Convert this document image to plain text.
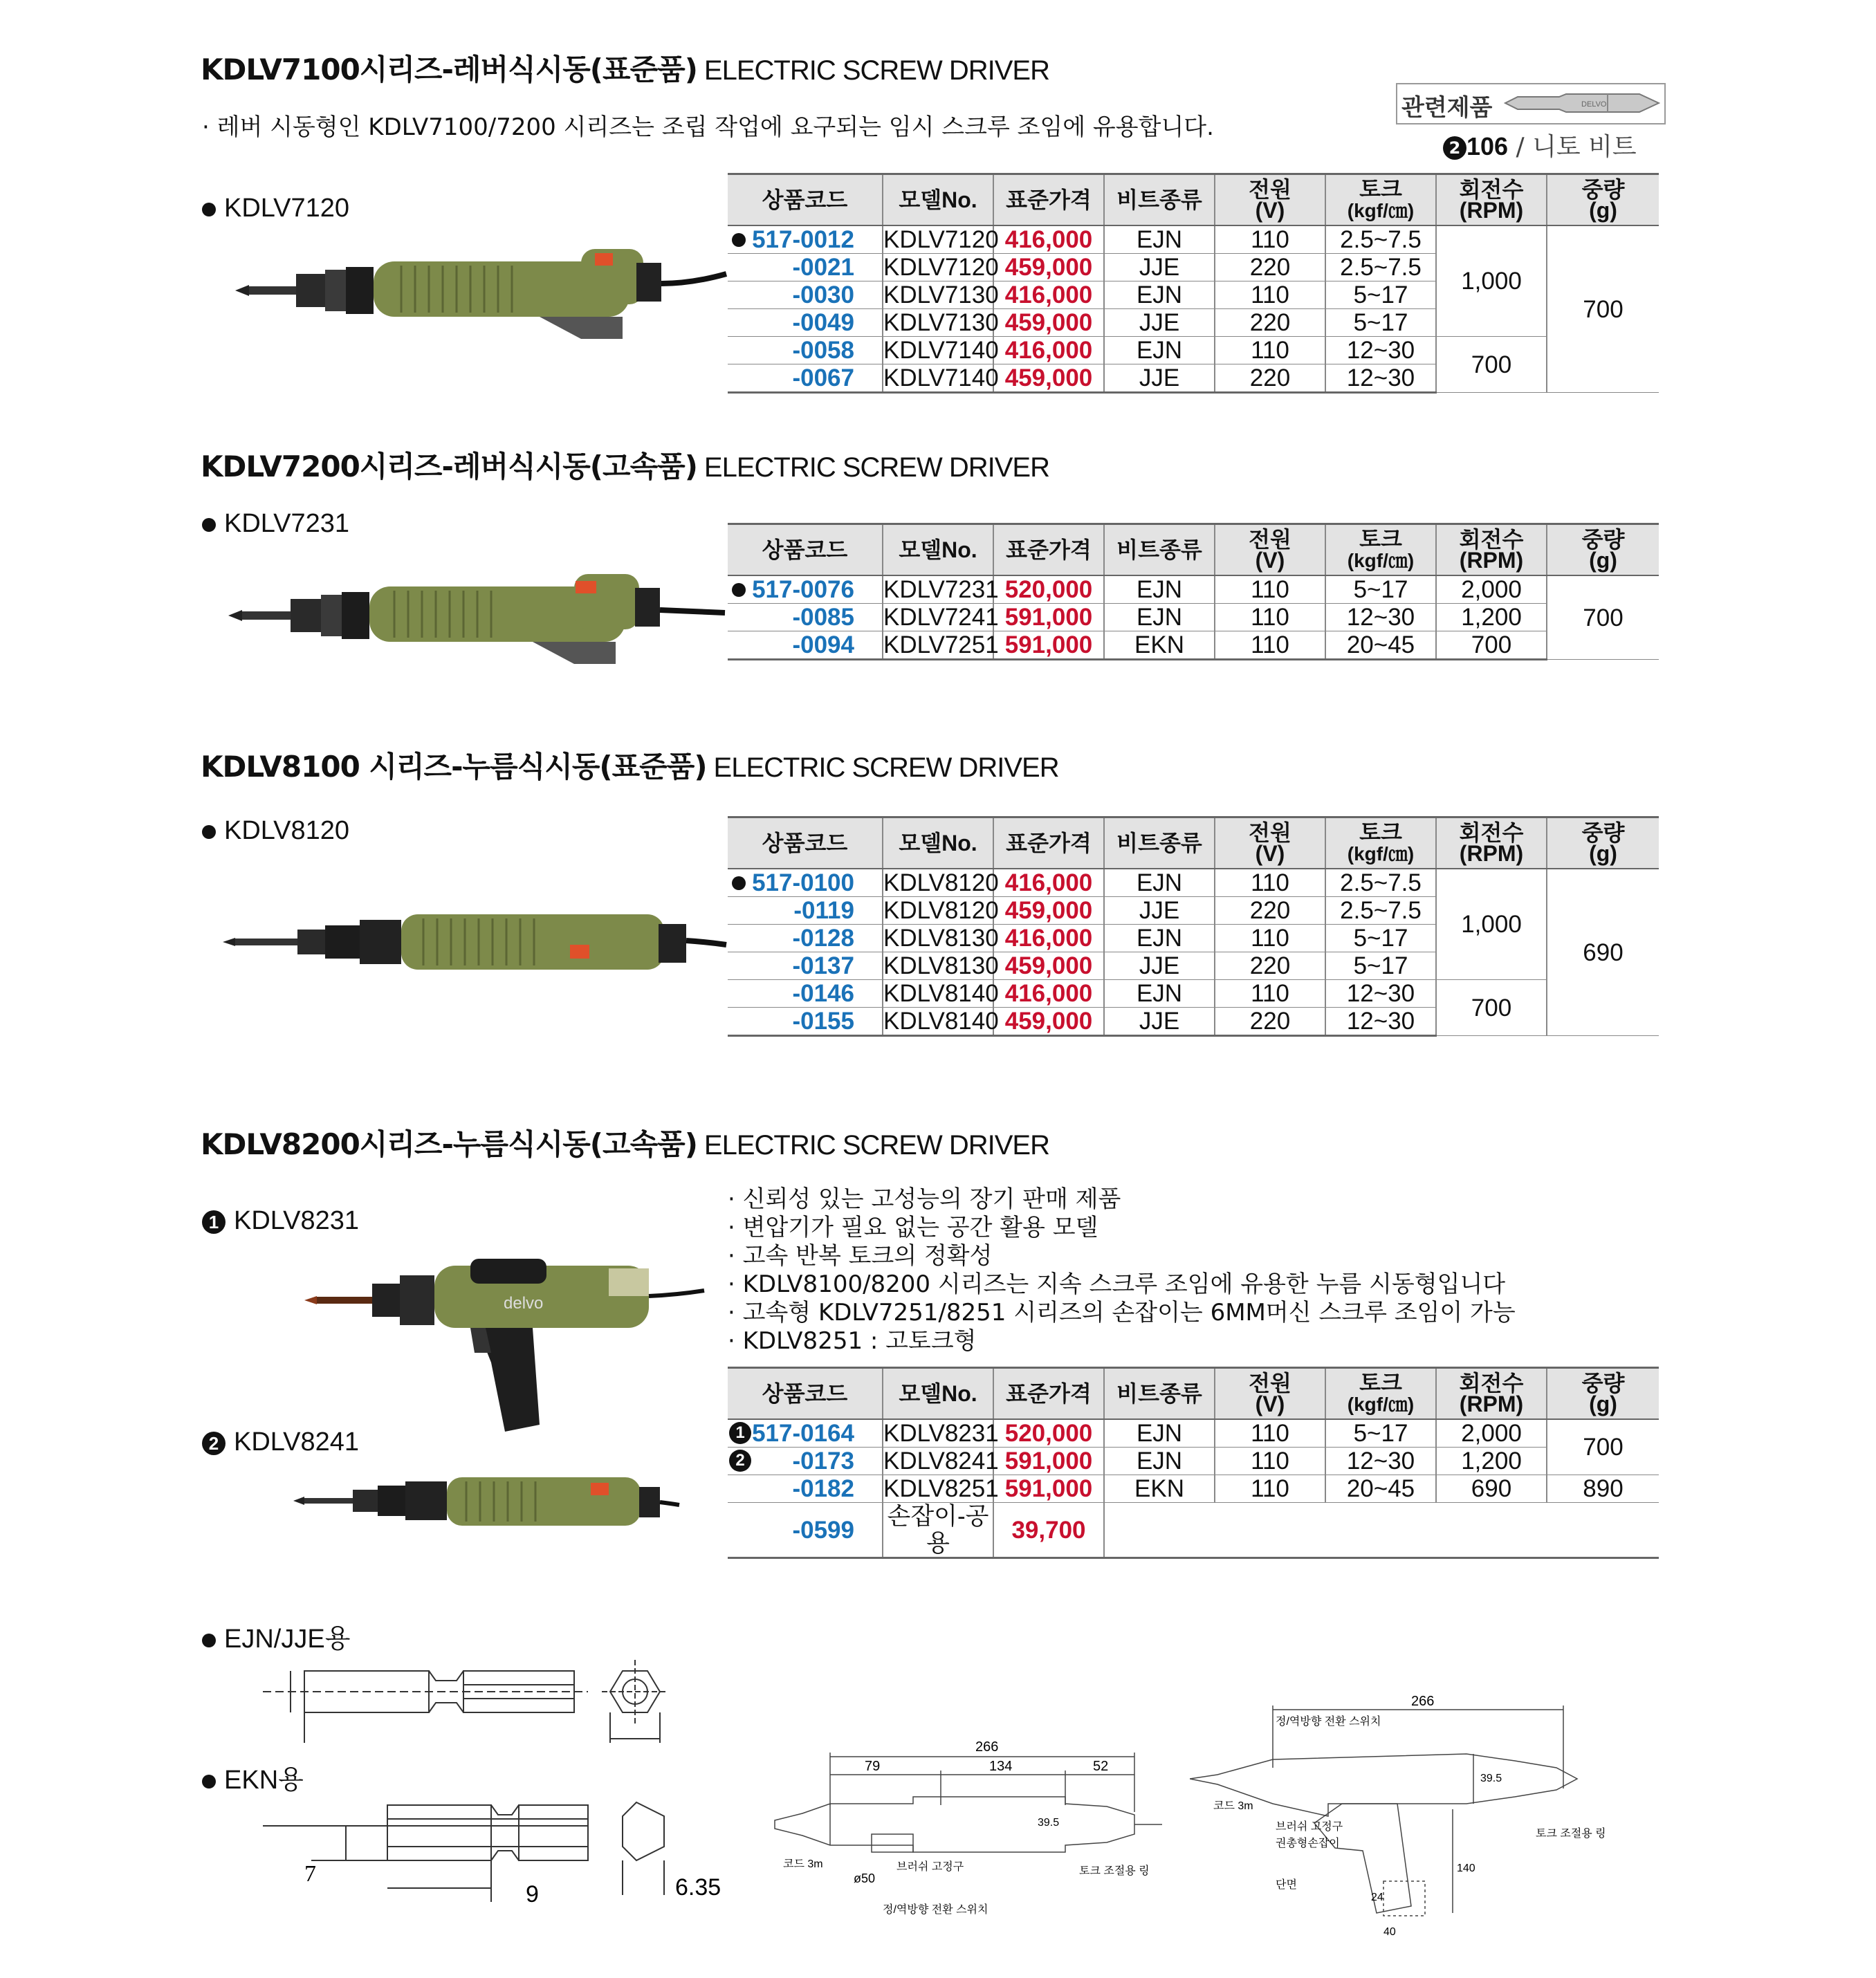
KDLV7100시리즈-레버식시동(표준품) ELECTRIC SCREW DRIVER
· 레버 시동형인 KDLV7100/7200 시리즈는 조립 작업에 요구되는 임시 스크루 조임에 유용합니다.
관련제품	DELVO
2 106 / 니토 비트
KDLV7120	상품코드	모델No.	표준가격	비트종류	전원
(V)	토크
(kgf/㎝)	회전수
(RPM)	중량
(g)

517-0012	KDLV7120	416,000	EJN	110	2.5~7.5	1,000	700
-0021	KDLV7120	459,000	JJE	220	2.5~7.5		
-0030	KDLV7130	416,000	EJN	110	5~17		
-0049	KDLV7130	459,000	JJE	220	5~17		
-0058	KDLV7140	416,000	EJN	110	12~30	700	
-0067	KDLV7140	459,000	JJE	220	12~30		
KDLV7200시리즈-레버식시동(고속품) ELECTRIC SCREW DRIVER
KDLV7231
상품코드	모델No.	표준가격	비트종류	전원
(V)	토크
(kgf/㎝)	회전수
(RPM)	중량
(g)

517-0076	KDLV7231	520,000	EJN	110	5~17	2,000	700
-0085	KDLV7241	591,000	EJN	110	12~30	1,200	
-0094	KDLV7251	591,000	EKN	110	20~45	700	
KDLV8100 시리즈-누름식시동(표준품) ELECTRIC SCREW DRIVER
KDLV8120	상품코드	모델No.	표준가격	비트종류	전원
(V)	토크
(kgf/㎝)	회전수
(RPM)	중량
(g)

517-0100	KDLV8120	416,000	EJN	110	2.5~7.5	1,000	690
-0119	KDLV8120	459,000	JJE	220	2.5~7.5		
-0128	KDLV8130	416,000	EJN	110	5~17		
-0137	KDLV8130	459,000	JJE	220	5~17		
-0146	KDLV8140	416,000	EJN	110	12~30	700	
-0155	KDLV8140	459,000	JJE	220	12~30		
KDLV8200시리즈-누름식시동(고속품) ELECTRIC SCREW DRIVER
1 KDLV8231
2 KDLV8241
· 신뢰성 있는 고성능의 장기 판매 제품
· 변압기가 필요 없는 공간 활용 모델
· 고속 반복 토크의 정확성
· KDLV8100/8200 시리즈는 지속 스크루 조임에 유용한 누름 시동형입니다
· 고속형 KDLV7251/8251 시리즈의 손잡이는 6MM머신 스크루 조임이 가능
· KDLV8251 : 고토크형
delvo
상품코드	모델No.	표준가격	비트종류	전원
(V)	토크
(kgf/㎝)	회전수
(RPM)	중량
(g)

1 517-0164	KDLV8231	520,000	EJN	110	5~17	2,000	700

2 -0173	KDLV8241	591,000	EJN	110	12~30	1,200	
-0182	KDLV8251	591,000	EKN	110	20~45	690	890
-0599	손잡이-공용	39,700					
EJN/JJE용
EKN용
7
9	6.35
266
79	134	52
39.5
ø50
코드 3m	브러쉬 고정구	토크 조절용 링
정/역방향 전환 스위치
266
39.5
140
40
24
정/역방향 전환 스위치
코드 3m
브러쉬 고정구
권총형손잡이
단면
토크 조절용 링
